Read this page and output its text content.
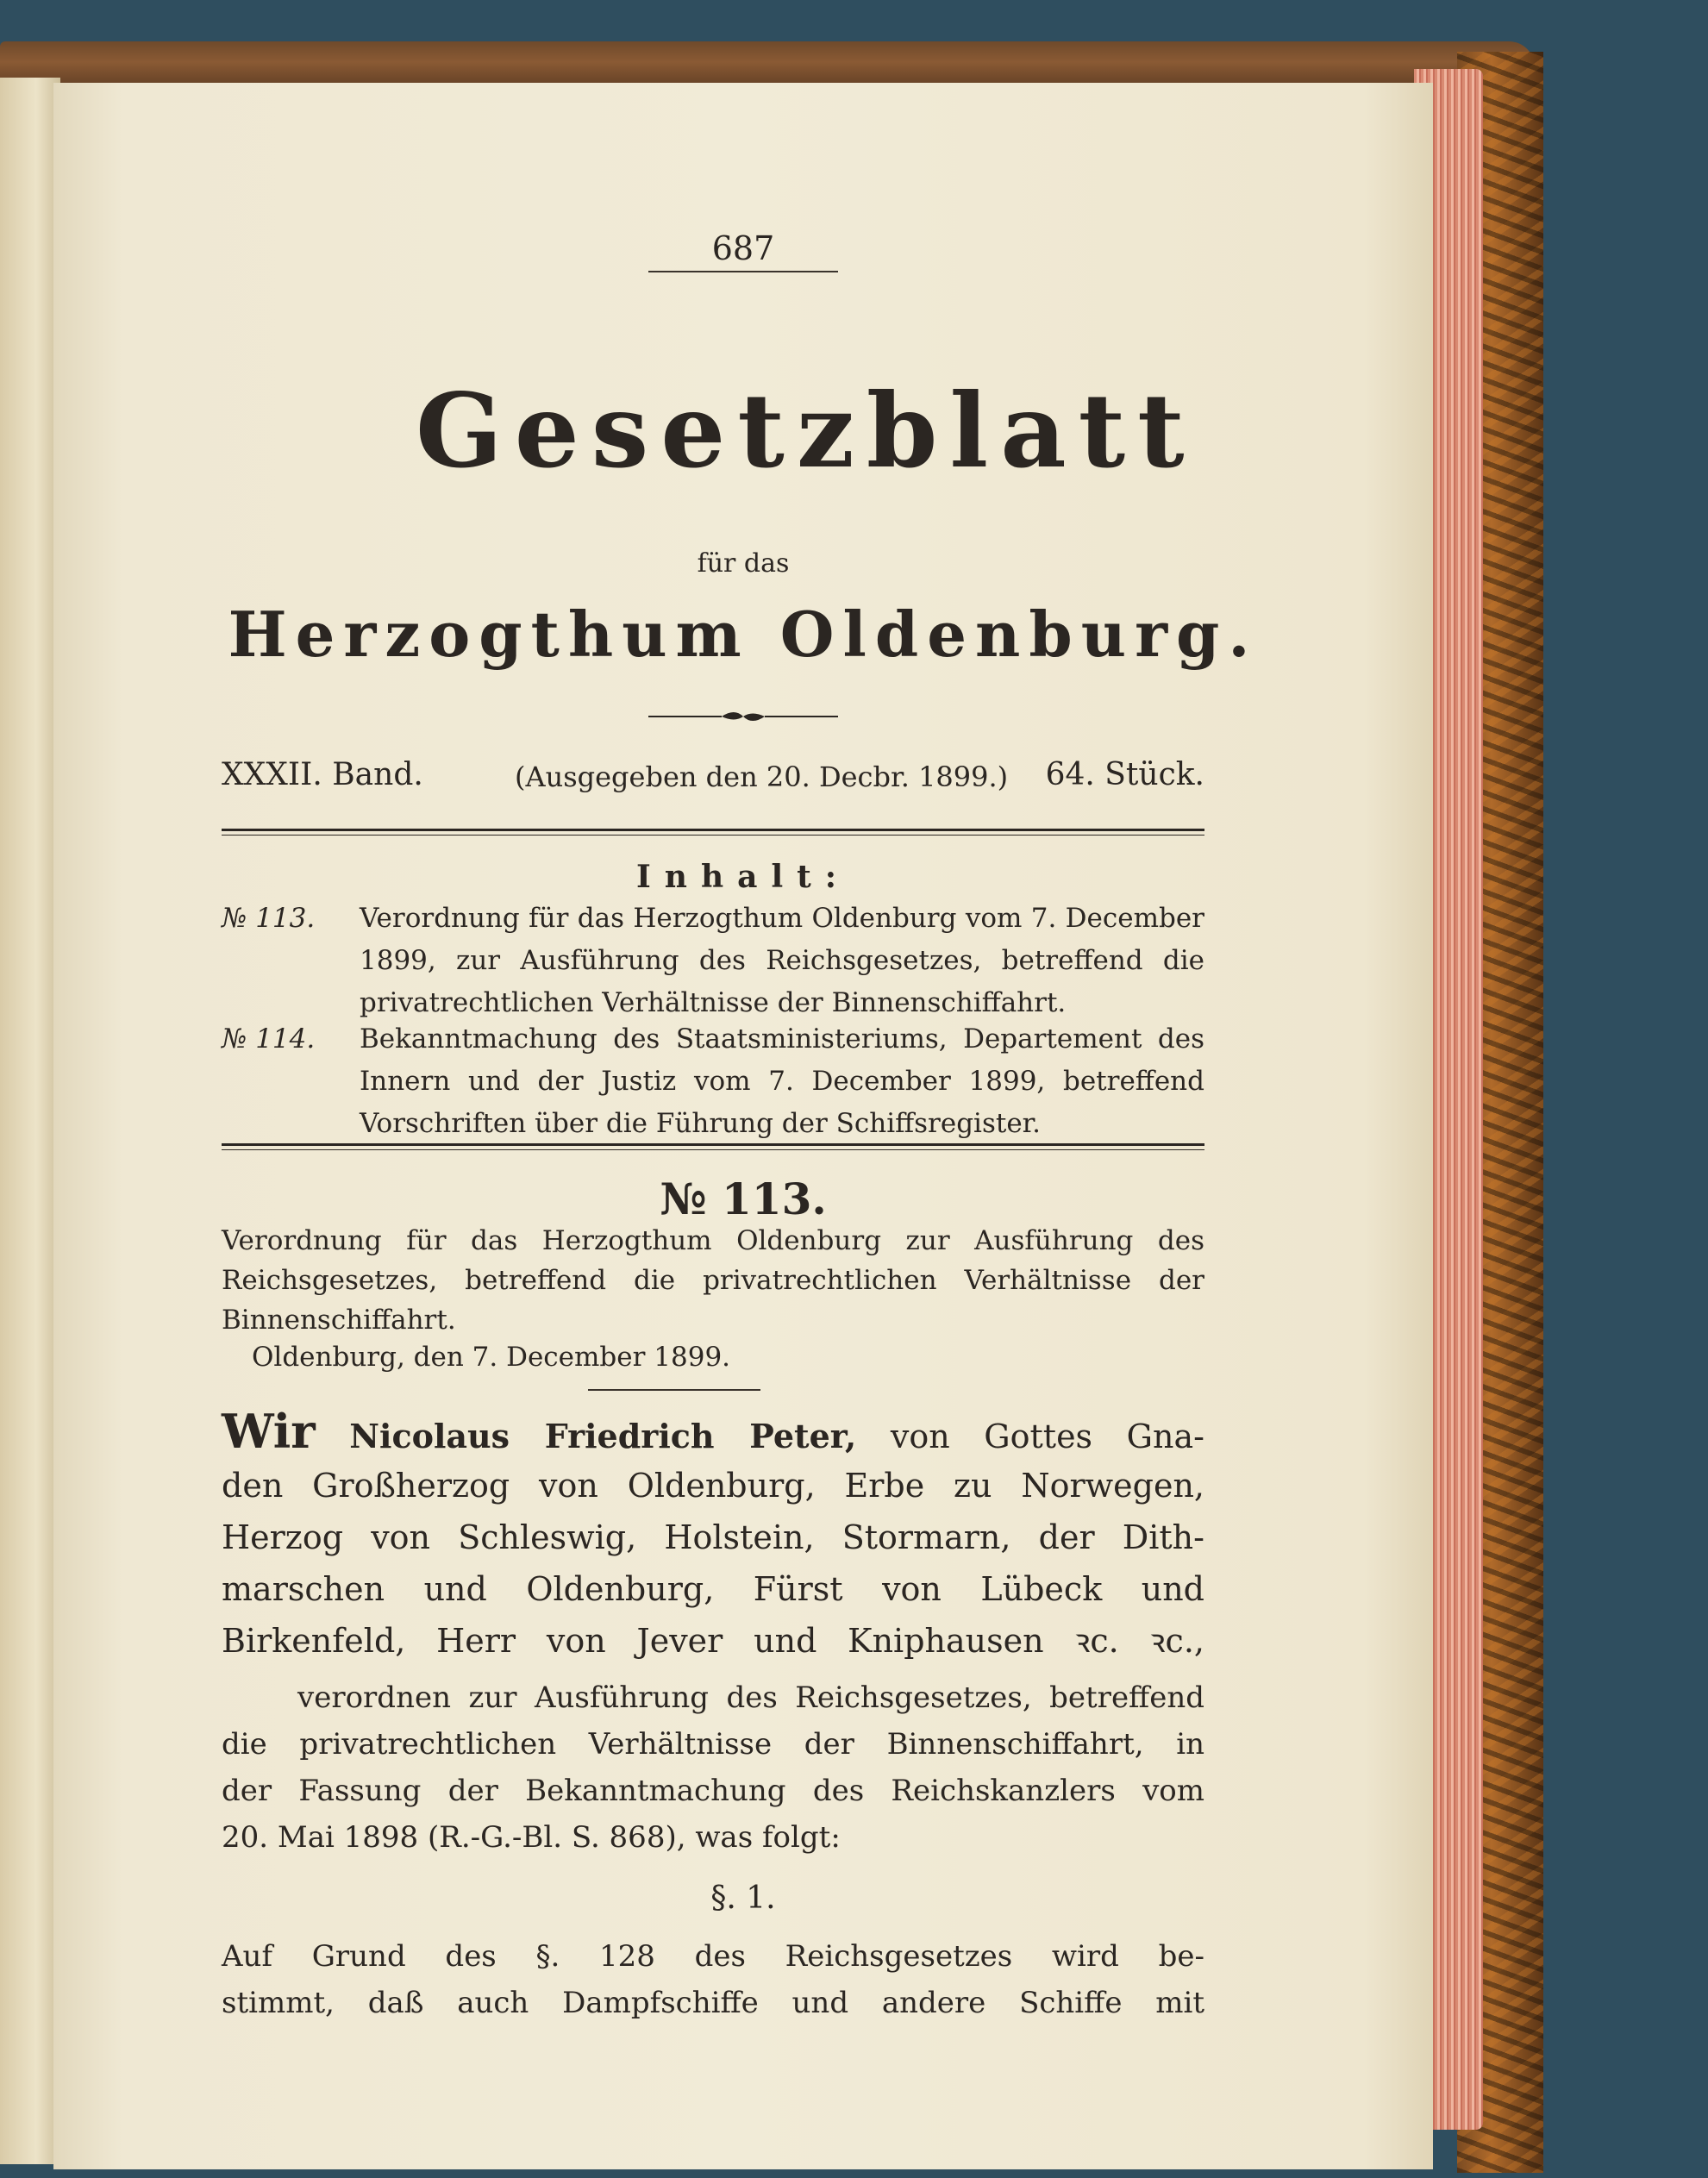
687
Gesetzblatt
für das
Herzogthum Oldenburg.
XXXII. Band.	(Ausgegeben den 20. Decbr. 1899.) 64. Stück.
Inhalt:
№ 113.	Verordnung für das Herzogthum Oldenburg vom 7. December 1899, zur Ausführung des Reichsgesetzes, betreffend die privatrechtlichen Verhältnisse der Binnenschiffahrt.
№ 114.	Bekanntmachung des Staatsministeriums, Departement des Innern und der Justiz vom 7. December 1899, betreffend Vorschriften über die Führung der Schiffsregister.
№ 113.
Verordnung für das Herzogthum Oldenburg zur Ausführung des Reichsgesetzes, betreffend die privatrechtlichen Verhältnisse der Binnenschiffahrt.
Oldenburg, den 7. December 1899.
Wir Nicolaus Friedrich Peter, von Gottes Gna-
den Großherzog von Oldenburg, Erbe zu Norwegen,
Herzog von Schleswig, Holstein, Stormarn, der Dith-
marschen und Oldenburg, Fürst von Lübeck und
Birkenfeld, Herr von Jever und Kniphausen ꝛc. ꝛc.,
verordnen zur Ausführung des Reichsgesetzes, betreffend
die privatrechtlichen Verhältnisse der Binnenschiffahrt, in
der Fassung der Bekanntmachung des Reichskanzlers vom
20. Mai 1898 (R.-G.-Bl. S. 868), was folgt:
§. 1.
Auf Grund des §. 128 des Reichsgesetzes wird be-
stimmt, daß auch Dampfschiffe und andere Schiffe mit
